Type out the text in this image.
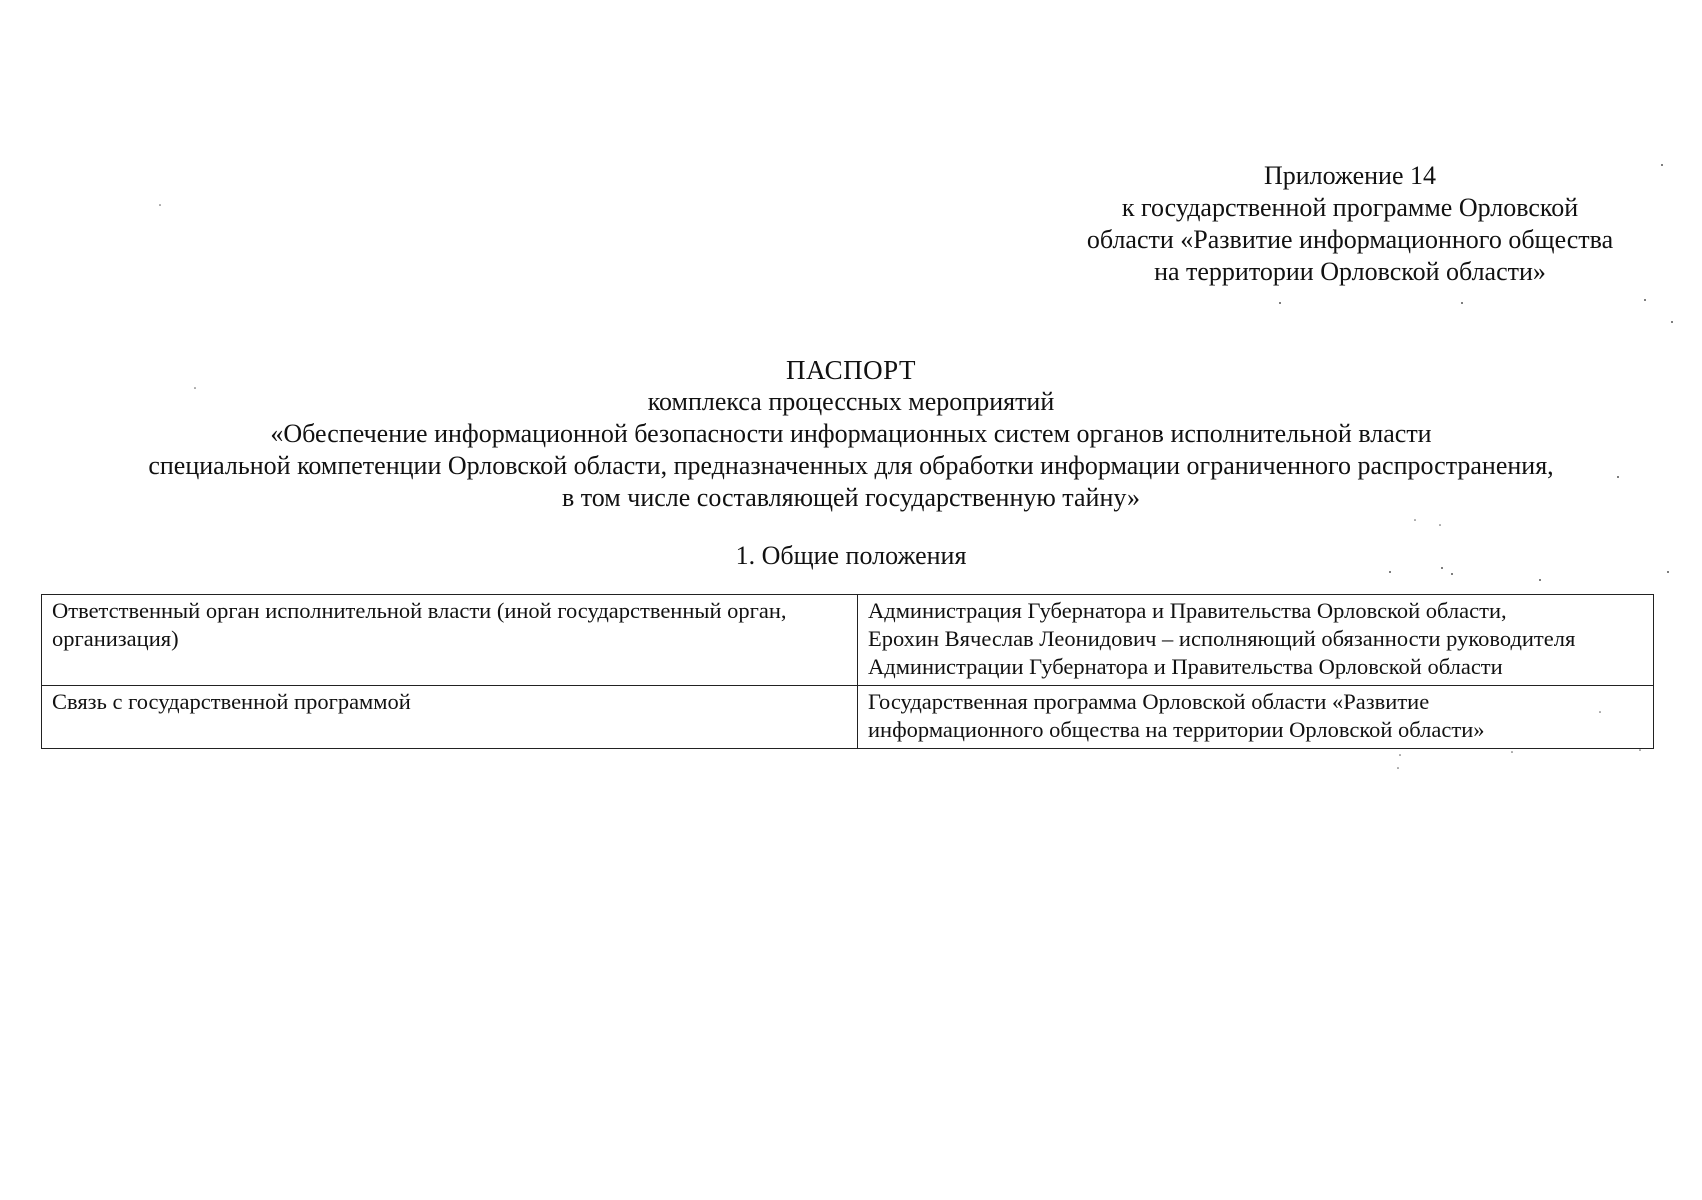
Приложение 14
к государственной программе Орловской
области «Развитие информационного общества
на территории Орловской области»
ПАСПОРТ
комплекса процессных мероприятий
«Обеспечение информационной безопасности информационных систем органов исполнительной власти
специальной компетенции Орловской области, предназначенных для обработки информации ограниченного распространения,
в том числе составляющей государственную тайну»
1. Общие положения
Ответственный орган исполнительной власти (иной государственный орган,
организация)	Администрация Губернатора и Правительства Орловской области,
Ерохин Вячеслав Леонидович – исполняющий обязанности руководителя
Администрации Губернатора и Правительства Орловской области

Связь с государственной программой	Государственная программа Орловской области «Развитие
информационного общества на территории Орловской области»
